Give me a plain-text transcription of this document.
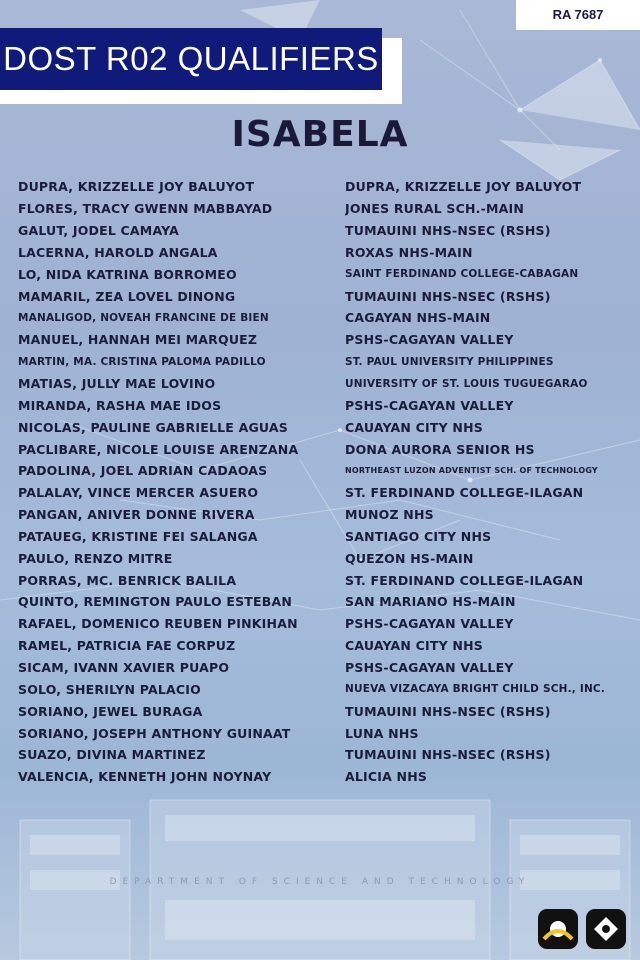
DEPARTMENT OF SCIENCE AND TECHNOLOGY
RA 7687
DOST R02 QUALIFIERS
ISABELA
DUPRA, KRIZZELLE JOY BALUYOT	DUPRA, KRIZZELLE JOY BALUYOT
FLORES, TRACY GWENN MABBAYAD	JONES RURAL SCH.-MAIN
GALUT, JODEL CAMAYA	TUMAUINI NHS-NSEC (RSHS)
LACERNA, HAROLD ANGALA	ROXAS NHS-MAIN
LO, NIDA KATRINA BORROMEO	SAINT FERDINAND COLLEGE-CABAGAN
MAMARIL, ZEA LOVEL DINONG	TUMAUINI NHS-NSEC (RSHS)
MANALIGOD, NOVEAH FRANCINE DE BIEN	CAGAYAN NHS-MAIN
MANUEL, HANNAH MEI MARQUEZ	PSHS-CAGAYAN VALLEY
MARTIN, MA. CRISTINA PALOMA PADILLO	ST. PAUL UNIVERSITY PHILIPPINES
MATIAS, JULLY MAE LOVINO	UNIVERSITY OF ST. LOUIS TUGUEGARAO
MIRANDA, RASHA MAE IDOS	PSHS-CAGAYAN VALLEY
NICOLAS, PAULINE GABRIELLE AGUAS	CAUAYAN CITY NHS
PACLIBARE, NICOLE LOUISE ARENZANA	DONA AURORA SENIOR HS
PADOLINA, JOEL ADRIAN CADAOAS	NORTHEAST LUZON ADVENTIST SCH. OF TECHNOLOGY
PALALAY, VINCE MERCER ASUERO	ST. FERDINAND COLLEGE-ILAGAN
PANGAN, ANIVER DONNE RIVERA	MUNOZ NHS
PATAUEG, KRISTINE FEI SALANGA	SANTIAGO CITY NHS
PAULO, RENZO MITRE	QUEZON HS-MAIN
PORRAS, MC. BENRICK BALILA	ST. FERDINAND COLLEGE-ILAGAN
QUINTO, REMINGTON PAULO ESTEBAN	SAN MARIANO HS-MAIN
RAFAEL, DOMENICO REUBEN PINKIHAN	PSHS-CAGAYAN VALLEY
RAMEL, PATRICIA FAE CORPUZ	CAUAYAN CITY NHS
SICAM, IVANN XAVIER PUAPO	PSHS-CAGAYAN VALLEY
SOLO, SHERILYN PALACIO	NUEVA VIZACAYA BRIGHT CHILD SCH., INC.
SORIANO, JEWEL BURAGA	TUMAUINI NHS-NSEC (RSHS)
SORIANO, JOSEPH ANTHONY GUINAAT	LUNA NHS
SUAZO, DIVINA MARTINEZ	TUMAUINI NHS-NSEC (RSHS)
VALENCIA, KENNETH JOHN NOYNAY	ALICIA NHS
